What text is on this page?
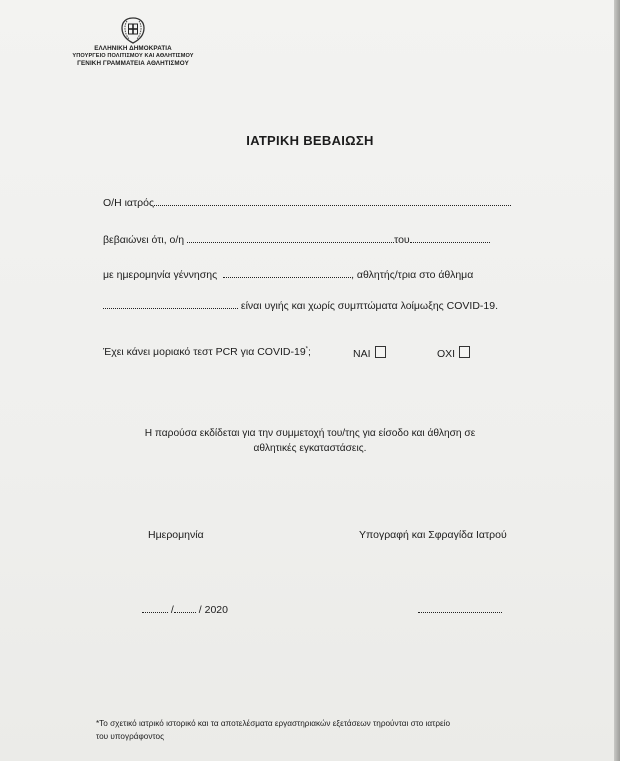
ΕΛΛΗΝΙΚΗ ΔΗΜΟΚΡΑΤΙΑ
ΥΠΟΥΡΓΕΙΟ ΠΟΛΙΤΙΣΜΟΥ ΚΑΙ ΑΘΛΗΤΙΣΜΟΥ
ΓΕΝΙΚΗ ΓΡΑΜΜΑΤΕΙΑ ΑΘΛΗΤΙΣΜΟΥ
ΙΑΤΡΙΚΗ ΒΕΒΑΙΩΣΗ
Ο/Η ιατρός
βεβαιώνει ότι, ο/η	του
με ημερομηνία γέννησης	, αθλητής/τρια στο άθλημα
είναι υγιής και χωρίς συμπτώματα λοίμωξης COVID-19.
Έχει κάνει μοριακό τεστ PCR για COVID-19*;	ΝΑΙ	ΟΧΙ
Η παρούσα εκδίδεται για την συμμετοχή του/της για είσοδο και άθληση σε
αθλητικές εγκαταστάσεις.
Ημερομηνία	Υπογραφή και Σφραγίδα Ιατρού
/ / 2020
*Το σχετικό ιατρικό ιστορικό και τα αποτελέσματα εργαστηριακών εξετάσεων τηρούνται στο ιατρείο
του υπογράφοντος
